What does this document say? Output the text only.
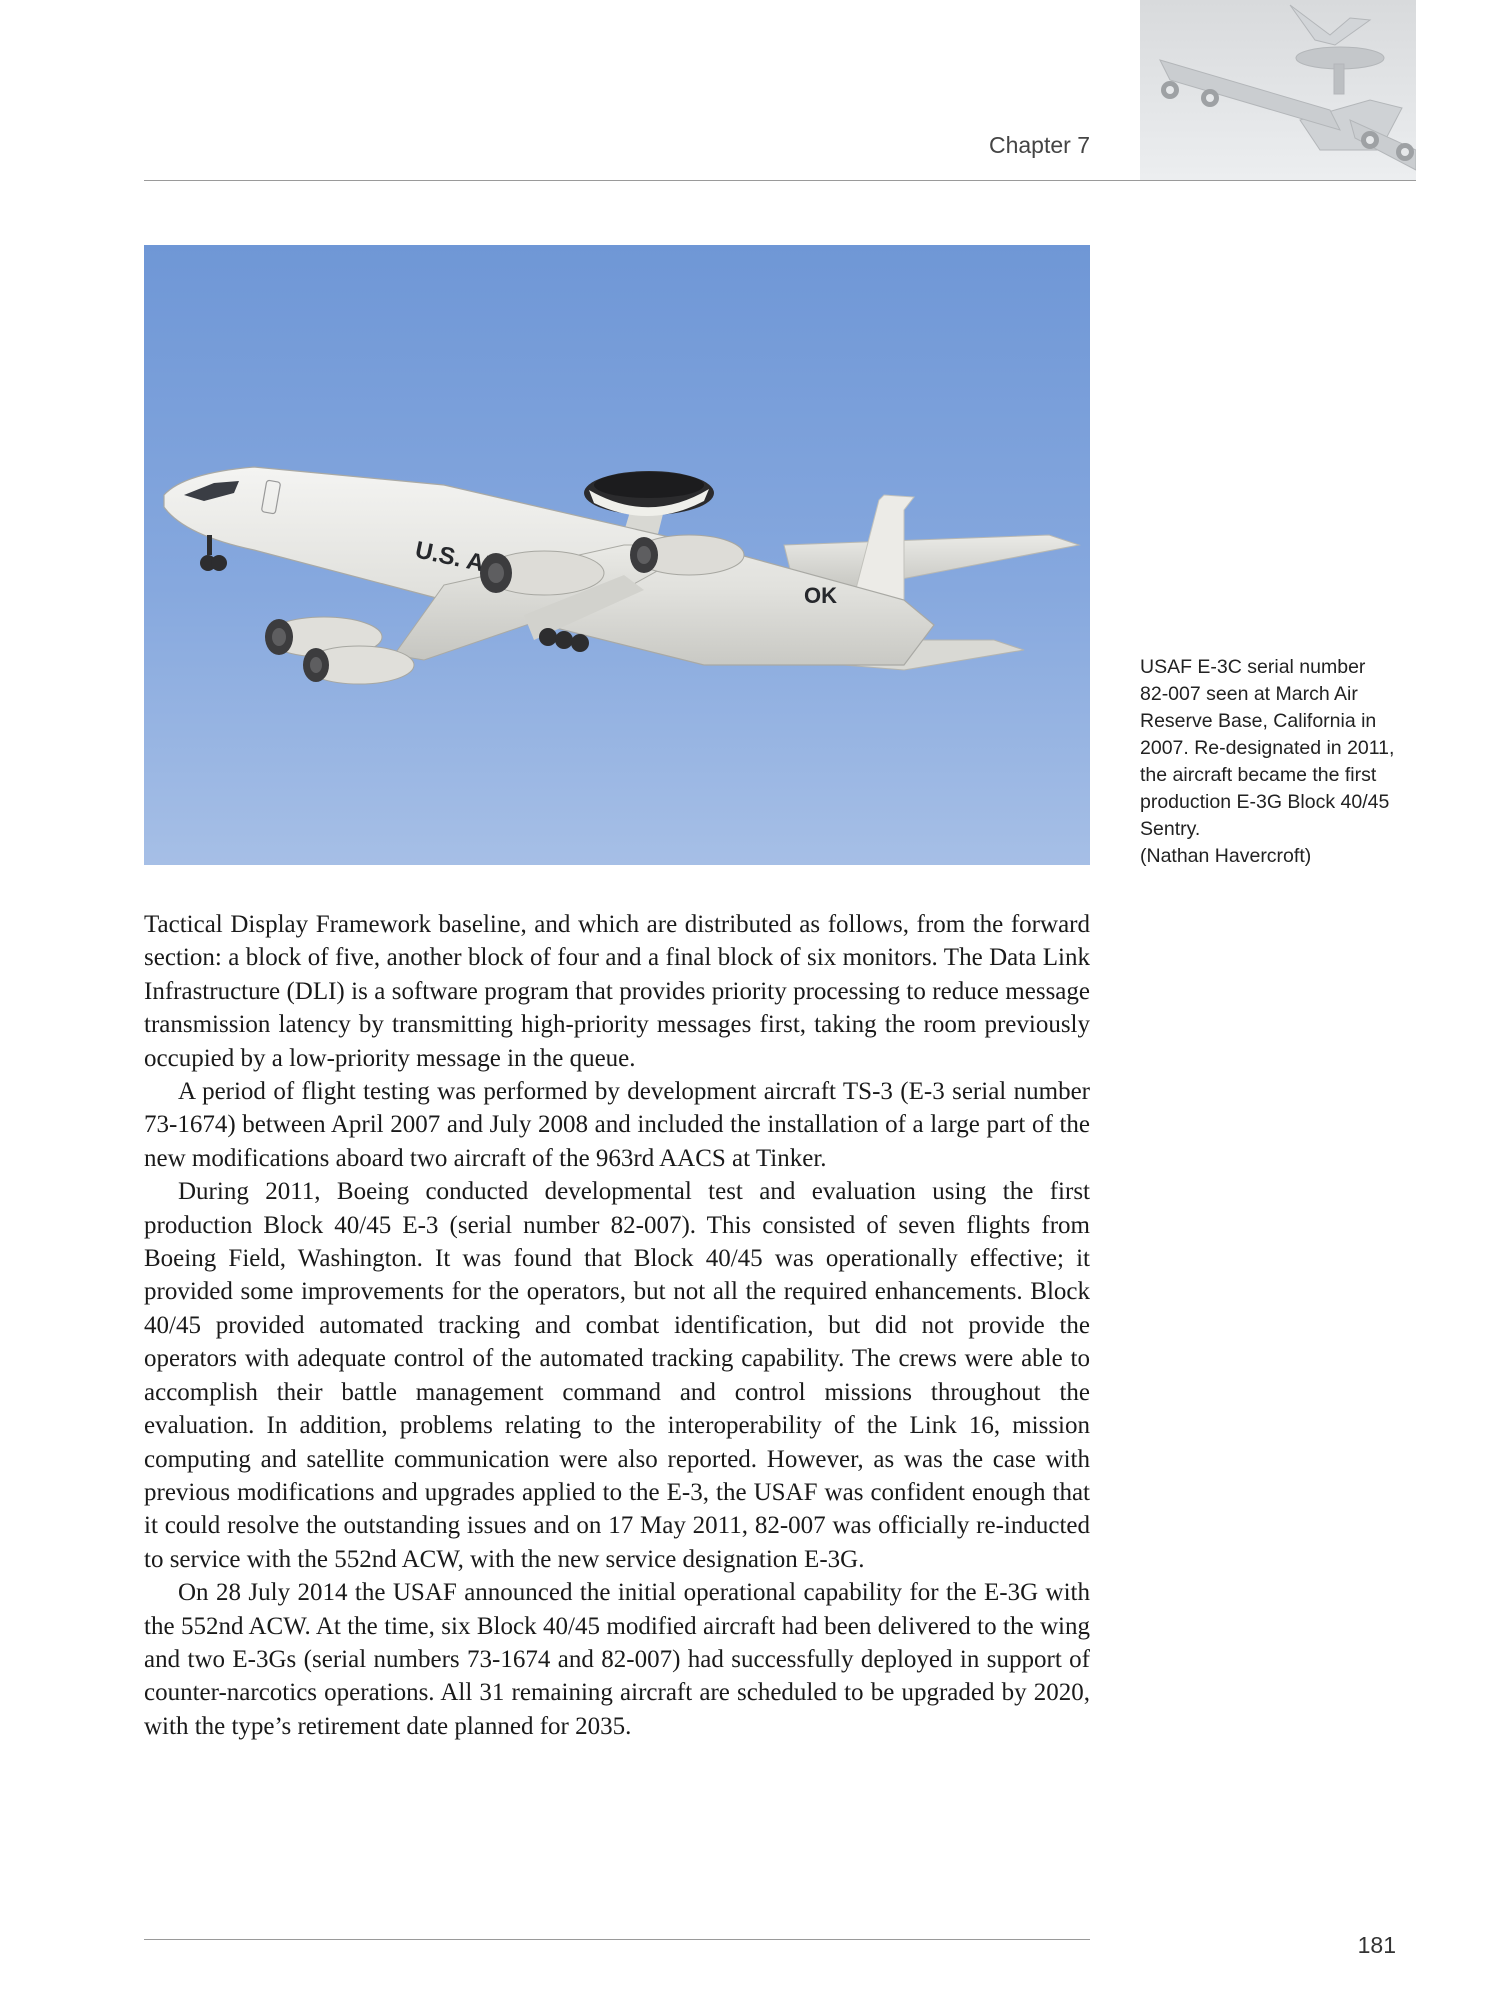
Chapter 7
U.S.
OK
USAF E-3C serial number
82-007 seen at March Air
Reserve Base, California in
2007. Re-designated in 2011,
the aircraft became the first
production E-3G Block 40/45
Sentry.
(Nathan Havercroft)

Tactical Display Framework baseline, and which are distributed as follows, from the forward section: a block of five, another block of four and a final block of six monitors. The Data Link Infrastructure (DLI) is a software program that provides priority processing to reduce message transmission latency by transmitting high-priority messages first, taking the room previously occupied by a low-priority message in the queue.

A period of flight testing was performed by development aircraft TS-3 (E-3 serial number 73-1674) between April 2007 and July 2008 and included the installation of a large part of the new modifications aboard two aircraft of the 963rd AACS at Tinker.

During 2011, Boeing conducted developmental test and evaluation using the first production Block 40/45 E-3 (serial number 82-007). This consisted of seven flights from Boeing Field, Washington. It was found that Block 40/45 was operationally effective; it provided some improvements for the operators, but not all the required enhancements. Block 40/45 provided automated tracking and combat identification, but did not provide the operators with adequate control of the automated tracking capability. The crews were able to accomplish their battle management command and control missions throughout the evaluation. In addition, problems relating to the interoperability of the Link 16, mission computing and satellite communication were also reported. However, as was the case with previous modifications and upgrades applied to the E-3, the USAF was confident enough that it could resolve the outstanding issues and on 17 May 2011, 82-007 was officially re-inducted to service with the 552nd ACW, with the new service designation E-3G.

On 28 July 2014 the USAF announced the initial operational capability for the E-3G with the 552nd ACW. At the time, six Block 40/45 modified aircraft had been delivered to the wing and two E-3Gs (serial numbers 73-1674 and 82-007) had successfully deployed in support of counter-narcotics operations. All 31 remaining aircraft are scheduled to be upgraded by 2020, with the type’s retirement date planned for 2035.

181
